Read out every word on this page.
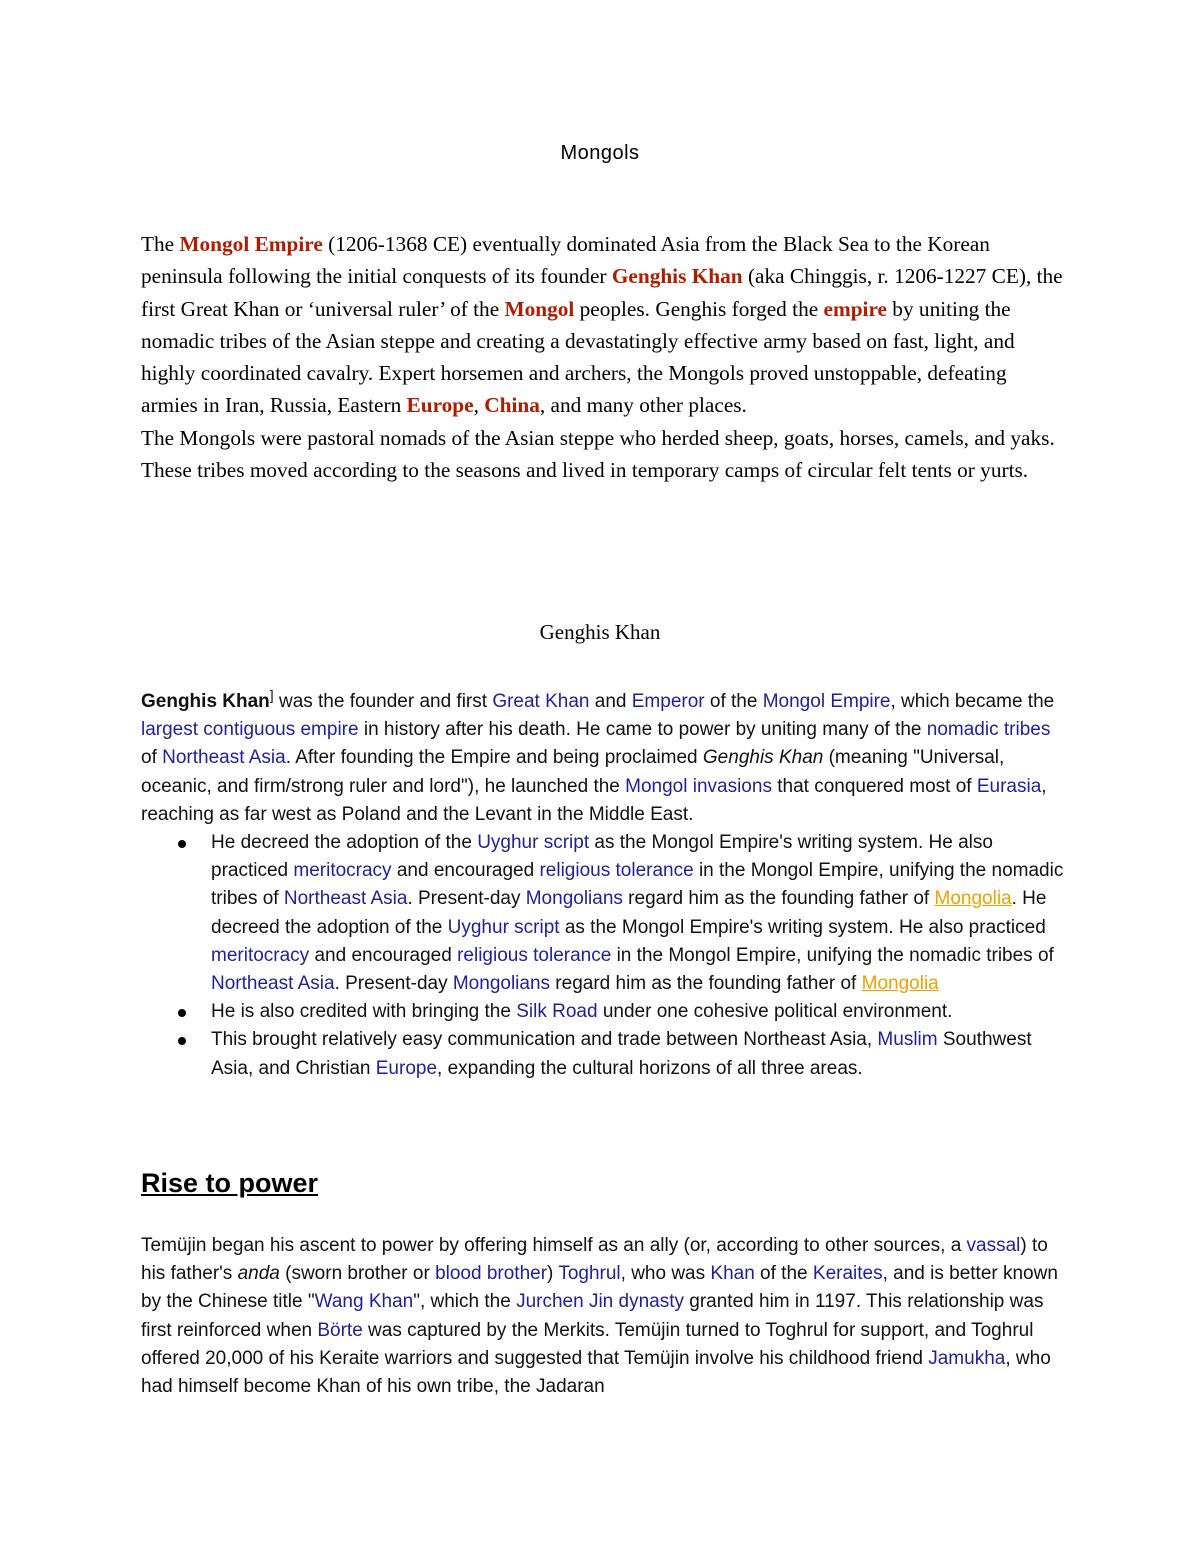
Mongols

The Mongol Empire (1206-1368 CE) eventually dominated Asia from the Black Sea to the Korean peninsula following the initial conquests of its founder Genghis Khan (aka Chinggis, r. 1206-1227 CE), the first Great Khan or ‘universal ruler’ of the Mongol peoples. Genghis forged the empire by uniting the nomadic tribes of the Asian steppe and creating a devastatingly effective army based on fast, light, and highly coordinated cavalry. Expert horsemen and archers, the Mongols proved unstoppable, defeating armies in Iran, Russia, Eastern Europe, China, and many other places.

The Mongols were pastoral nomads of the Asian steppe who herded sheep, goats, horses, camels, and yaks. These tribes moved according to the seasons and lived in temporary camps of circular felt tents or yurts.

Genghis Khan

Genghis Khan] was the founder and first Great Khan and Emperor of the Mongol Empire, which became the largest contiguous empire in history after his death. He came to power by uniting many of the nomadic tribes of Northeast Asia. After founding the Empire and being proclaimed Genghis Khan (meaning "Universal, oceanic, and firm/strong ruler and lord"), he launched the Mongol invasions that conquered most of Eurasia, reaching as far west as Poland and the Levant in the Middle East.

He decreed the adoption of the Uyghur script as the Mongol Empire's writing system. He also practiced meritocracy and encouraged religious tolerance in the Mongol Empire, unifying the nomadic tribes of Northeast Asia. Present-day Mongolians regard him as the founding father of Mongolia. He decreed the adoption of the Uyghur script as the Mongol Empire's writing system. He also practiced meritocracy and encouraged religious tolerance in the Mongol Empire, unifying the nomadic tribes of Northeast Asia. Present-day Mongolians regard him as the founding father of Mongolia
He is also credited with bringing the Silk Road under one cohesive political environment.
This brought relatively easy communication and trade between Northeast Asia, Muslim Southwest Asia, and Christian Europe, expanding the cultural horizons of all three areas.
Rise to power

Temüjin began his ascent to power by offering himself as an ally (or, according to other sources, a vassal) to his father's anda (sworn brother or blood brother) Toghrul, who was Khan of the Keraites, and is better known by the Chinese title "Wang Khan", which the Jurchen Jin dynasty granted him in 1197. This relationship was first reinforced when Börte was captured by the Merkits. Temüjin turned to Toghrul for support, and Toghrul offered 20,000 of his Keraite warriors and suggested that Temüjin involve his childhood friend Jamukha, who had himself become Khan of his own tribe, the Jadaran
